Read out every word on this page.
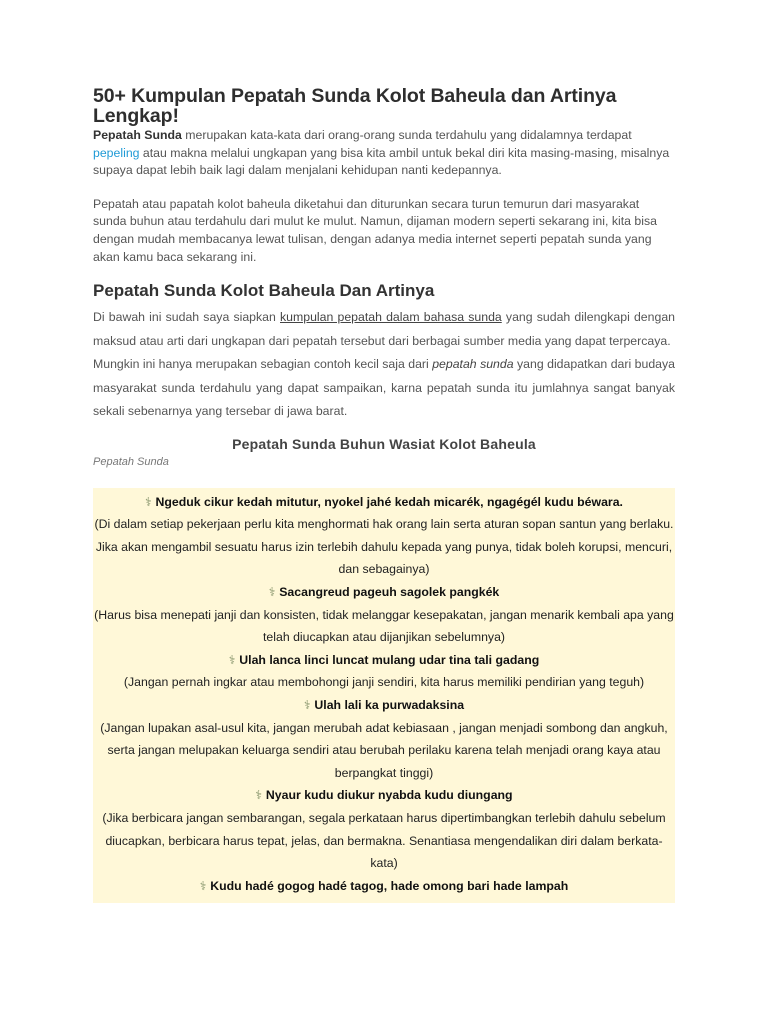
50+ Kumpulan Pepatah Sunda Kolot Baheula dan Artinya Lengkap!

Pepatah Sunda merupakan kata-kata dari orang-orang sunda terdahulu yang didalamnya terdapat pepeling atau makna melalui ungkapan yang bisa kita ambil untuk bekal diri kita masing-masing, misalnya supaya dapat lebih baik lagi dalam menjalani kehidupan nanti kedepannya.

Pepatah atau papatah kolot baheula diketahui dan diturunkan secara turun temurun dari masyarakat sunda buhun atau terdahulu dari mulut ke mulut. Namun, dijaman modern seperti sekarang ini, kita bisa dengan mudah membacanya lewat tulisan, dengan adanya media internet seperti pepatah sunda yang akan kamu baca sekarang ini.

Pepatah Sunda Kolot Baheula Dan Artinya

Di bawah ini sudah saya siapkan kumpulan pepatah dalam bahasa sunda yang sudah dilengkapi dengan maksud atau arti dari ungkapan dari pepatah tersebut dari berbagai sumber media yang dapat terpercaya.

Mungkin ini hanya merupakan sebagian contoh kecil saja dari pepatah sunda yang didapatkan dari budaya masyarakat sunda terdahulu yang dapat sampaikan, karna pepatah sunda itu jumlahnya sangat banyak sekali sebenarnya yang tersebar di jawa barat.

Pepatah Sunda Buhun Wasiat Kolot Baheula
Pepatah Sunda
⚕ Ngeduk cikur kedah mitutur, nyokel jahé kedah micarék, ngagégél kudu béwara.
(Di dalam setiap pekerjaan perlu kita menghormati hak orang lain serta aturan sopan santun yang berlaku. Jika akan mengambil sesuatu harus izin terlebih dahulu kepada yang punya, tidak boleh korupsi, mencuri, dan sebagainya)
⚕ Sacangreud pageuh sagolek pangkék
(Harus bisa menepati janji dan konsisten, tidak melanggar kesepakatan, jangan menarik kembali apa yang telah diucapkan atau dijanjikan sebelumnya)
⚕ Ulah lanca linci luncat mulang udar tina tali gadang
(Jangan pernah ingkar atau membohongi janji sendiri, kita harus memiliki pendirian yang teguh)
⚕ Ulah lali ka purwadaksina
(Jangan lupakan asal-usul kita, jangan merubah adat kebiasaan , jangan menjadi sombong dan angkuh, serta jangan melupakan keluarga sendiri atau berubah perilaku karena telah menjadi orang kaya atau berpangkat tinggi)
⚕ Nyaur kudu diukur nyabda kudu diungang
(Jika berbicara jangan sembarangan, segala perkataan harus dipertimbangkan terlebih dahulu sebelum diucapkan, berbicara harus tepat, jelas, dan bermakna. Senantiasa mengendalikan diri dalam berkata-kata)
⚕ Kudu hadé gogog hadé tagog, hade omong bari hade lampah
